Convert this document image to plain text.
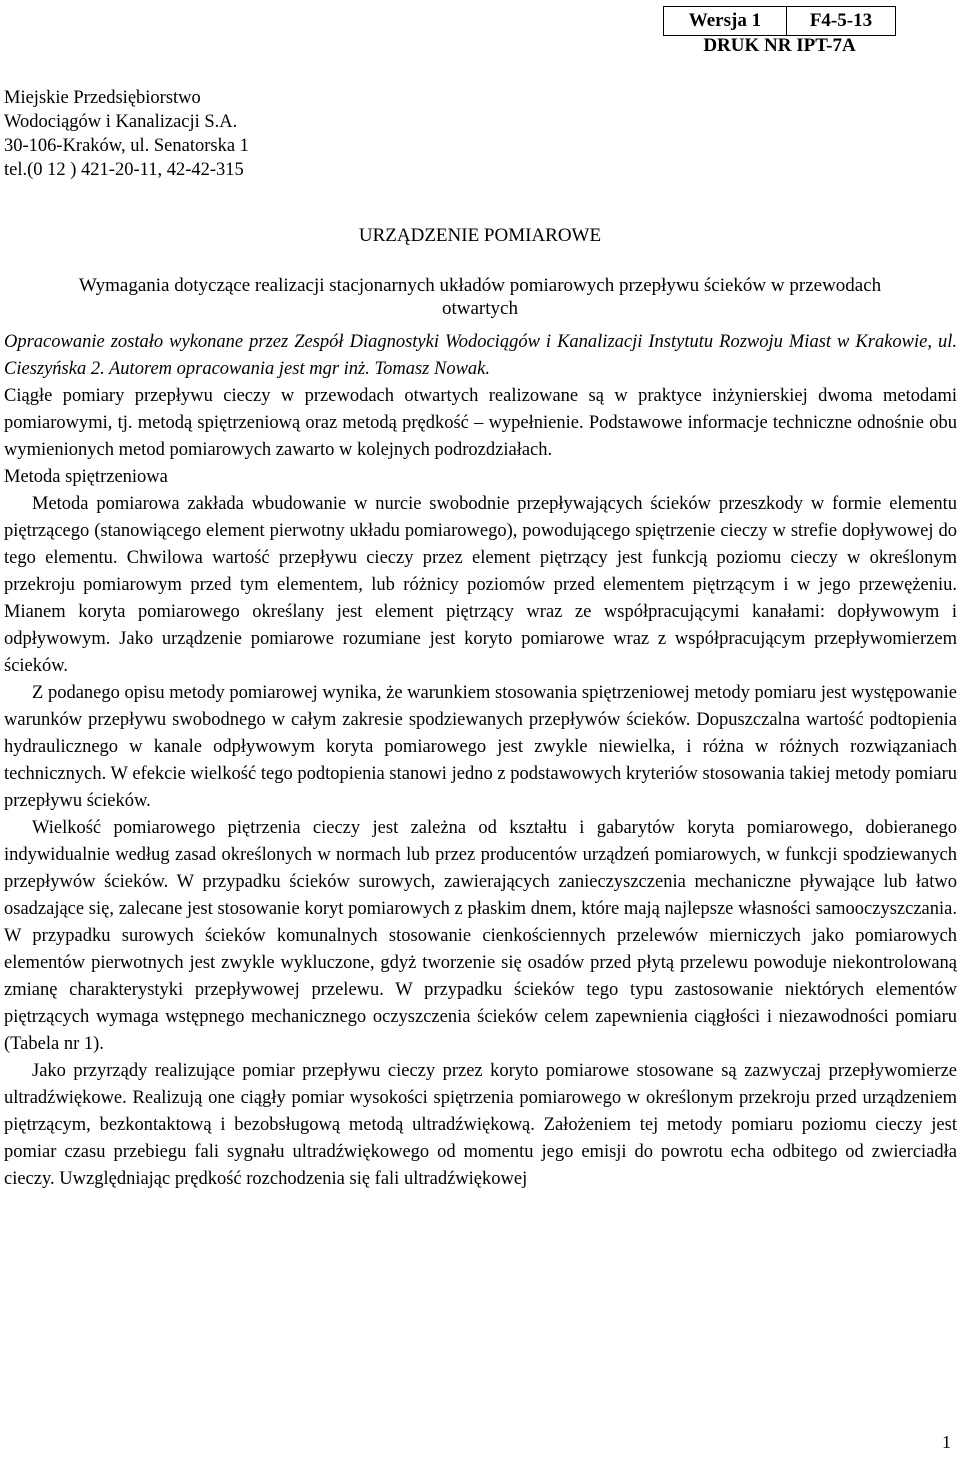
Wersja 1	F4-5-13
DRUK NR IPT-7A
Miejskie Przedsiębiorstwo
Wodociągów i Kanalizacji S.A.
30-106-Kraków, ul. Senatorska 1
tel.(0 12 ) 421-20-11, 42-42-315
URZĄDZENIE POMIAROWE
Wymagania dotyczące realizacji stacjonarnych układów pomiarowych przepływu ścieków w przewodach otwartych

Opracowanie zostało wykonane przez Zespół Diagnostyki Wodociągów i Kanalizacji Instytutu Rozwoju Miast w Krakowie, ul. Cieszyńska 2. Autorem opracowania jest mgr inż. Tomasz Nowak.

Ciągłe pomiary przepływu cieczy w przewodach otwartych realizowane są w praktyce inżynierskiej dwoma metodami pomiarowymi, tj. metodą spiętrzeniową oraz metodą prędkość – wypełnienie. Podstawowe informacje techniczne odnośnie obu wymienionych metod pomiarowych zawarto w kolejnych podrozdziałach.

Metoda spiętrzeniowa

Metoda pomiarowa zakłada wbudowanie w nurcie swobodnie przepływających ścieków przeszkody w formie elementu piętrzącego (stanowiącego element pierwotny układu pomiarowego), powodującego spiętrzenie cieczy w strefie dopływowej do tego elementu. Chwilowa wartość przepływu cieczy przez element piętrzący jest funkcją poziomu cieczy w określonym przekroju pomiarowym przed tym elementem, lub różnicy poziomów przed elementem piętrzącym i w jego przewężeniu. Mianem koryta pomiarowego określany jest element piętrzący wraz ze współpracującymi kanałami: dopływowym i odpływowym. Jako urządzenie pomiarowe rozumiane jest koryto pomiarowe wraz z współpracującym przepływomierzem ścieków.

Z podanego opisu metody pomiarowej wynika, że warunkiem stosowania spiętrzeniowej metody pomiaru jest występowanie warunków przepływu swobodnego w całym zakresie spodziewanych przepływów ścieków. Dopuszczalna wartość podtopienia hydraulicznego w kanale odpływowym koryta pomiarowego jest zwykle niewielka, i różna w różnych rozwiązaniach technicznych. W efekcie wielkość tego podtopienia stanowi jedno z podstawowych kryteriów stosowania takiej metody pomiaru przepływu ścieków.

Wielkość pomiarowego piętrzenia cieczy jest zależna od kształtu i gabarytów koryta pomiarowego, dobieranego indywidualnie według zasad określonych w normach lub przez producentów urządzeń pomiarowych, w funkcji spodziewanych przepływów ścieków. W przypadku ścieków surowych, zawierających zanieczyszczenia mechaniczne pływające lub łatwo osadzające się, zalecane jest stosowanie koryt pomiarowych z płaskim dnem, które mają najlepsze własności samooczyszczania. W przypadku surowych ścieków komunalnych stosowanie cienkościennych przelewów mierniczych jako pomiarowych elementów pierwotnych jest zwykle wykluczone, gdyż tworzenie się osadów przed płytą przelewu powoduje niekontrolowaną zmianę charakterystyki przepływowej przelewu. W przypadku ścieków tego typu zastosowanie niektórych elementów piętrzących wymaga wstępnego mechanicznego oczyszczenia ścieków celem zapewnienia ciągłości i niezawodności pomiaru (Tabela nr 1).

Jako przyrządy realizujące pomiar przepływu cieczy przez koryto pomiarowe stosowane są zazwyczaj przepływomierze ultradźwiękowe. Realizują one ciągły pomiar wysokości spiętrzenia pomiarowego w określonym przekroju przed urządzeniem piętrzącym, bezkontaktową i bezobsługową metodą ultradźwiękową. Założeniem tej metody pomiaru poziomu cieczy jest pomiar czasu przebiegu fali sygnału ultradźwiękowego od momentu jego emisji do powrotu echa odbitego od zwierciadła cieczy. Uwzględniając prędkość rozchodzenia się fali ultradźwiękowej

1
